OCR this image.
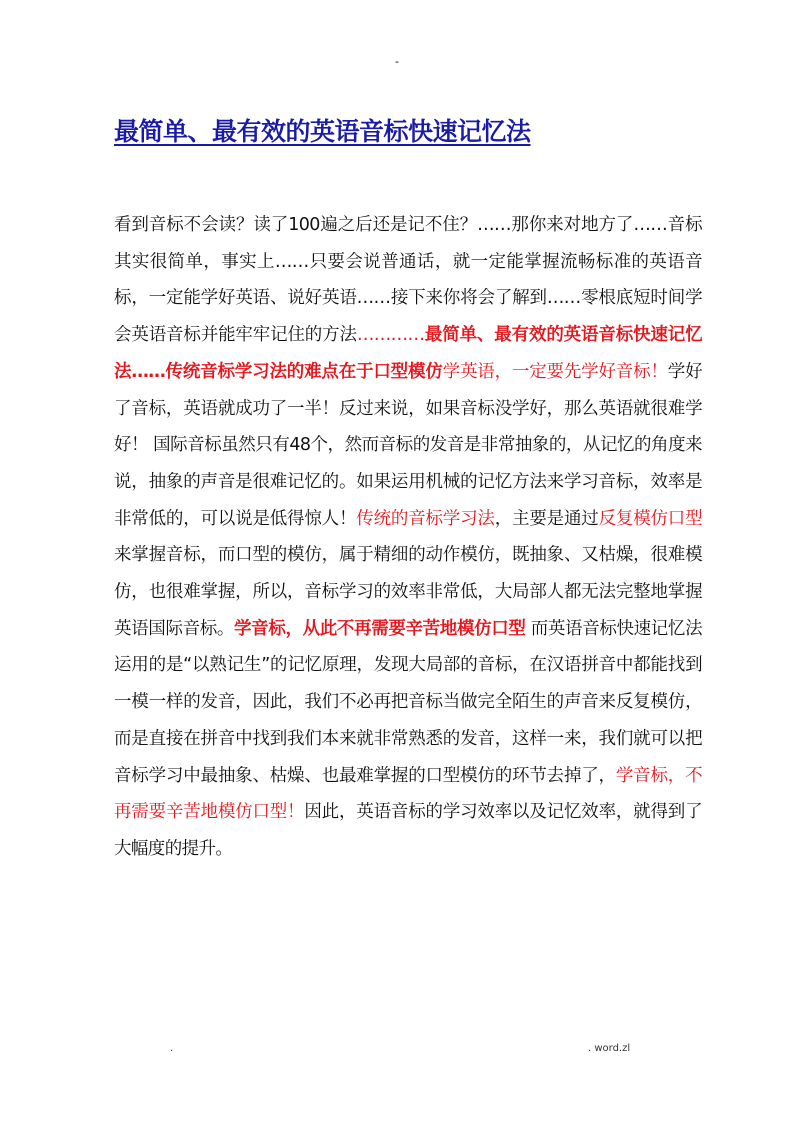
-
最简单、最有效的英语音标快速记忆法

看到音标不会读？读了100遍之后还是记不住？……那你来对地方了……音标其实很简单，事实上……只要会说普通话，就一定能掌握流畅标准的英语音标，一定能学好英语、说好英语……接下来你将会了解到……零根底短时间学会英语音标并能牢牢记住的方法…………最简单、最有效的英语音标快速记忆法……传统音标学习法的难点在于口型模仿学英语，一定要先学好音标！学好了音标，英语就成功了一半！反过来说，如果音标没学好，那么英语就很难学好！ 国际音标虽然只有48个，然而音标的发音是非常抽象的，从记忆的角度来说，抽象的声音是很难记忆的。如果运用机械的记忆方法来学习音标，效率是非常低的，可以说是低得惊人！传统的音标学习法，主要是通过反复模仿口型来掌握音标，而口型的模仿，属于精细的动作模仿，既抽象、又枯燥，很难模仿，也很难掌握，所以，音标学习的效率非常低，大局部人都无法完整地掌握英语国际音标。学音标，从此不再需要辛苦地模仿口型 而英语音标快速记忆法运用的是“以熟记生”的记忆原理，发现大局部的音标，在汉语拼音中都能找到一模一样的发音，因此，我们不必再把音标当做完全陌生的声音来反复模仿，而是直接在拼音中找到我们本来就非常熟悉的发音，这样一来，我们就可以把音标学习中最抽象、枯燥、也最难掌握的口型模仿的环节去掉了，学音标，不再需要辛苦地模仿口型！因此，英语音标的学习效率以及记忆效率，就得到了大幅度的提升。

.	. word.zl
